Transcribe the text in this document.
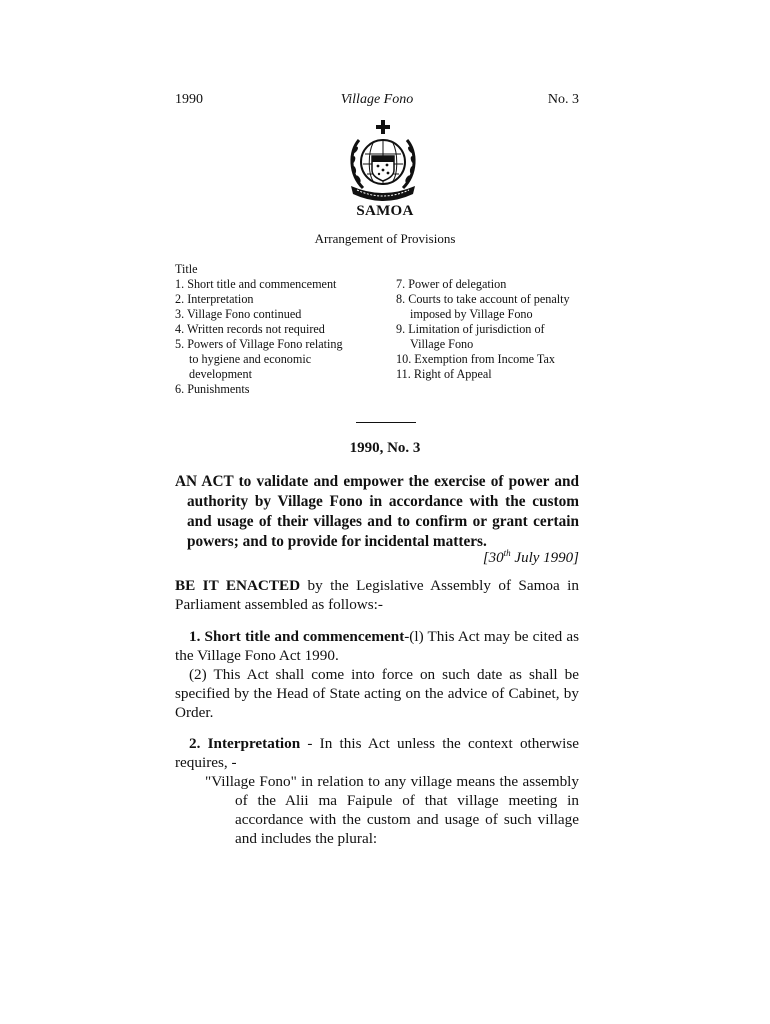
Village Fono
1990	No. 3
SAMOA
Arrangement of Provisions
Title

1. Short title and commencement

2. Interpretation

3. Village Fono continued

4. Written records not required

5. Powers of Village Fono relating
to hygiene and economic
development

6. Punishments

7. Power of delegation

8. Courts to take account of penalty
imposed by Village Fono

9. Limitation of jurisdiction of
Village Fono

10. Exemption from Income Tax

11. Right of Appeal

1990, No. 3
AN ACT to validate and empower the exercise of power and authority by Village Fono in accordance with the custom and usage of their villages and to confirm or grant certain powers; and to provide for incidental matters.
[30th July 1990]

BE IT ENACTED by the Legislative Assembly of Samoa in Parliament assembled as follows:-

1. Short title and commencement-(l) This Act may be cited as the Village Fono Act 1990.

(2) This Act shall come into force on such date as shall be specified by the Head of State acting on the advice of Cabinet, by Order.

2. Interpretation - In this Act unless the context otherwise requires, -

"Village Fono" in relation to any village means the assembly of the Alii ma Faipule of that village meeting in accordance with the custom and usage of such village and includes the plural:
